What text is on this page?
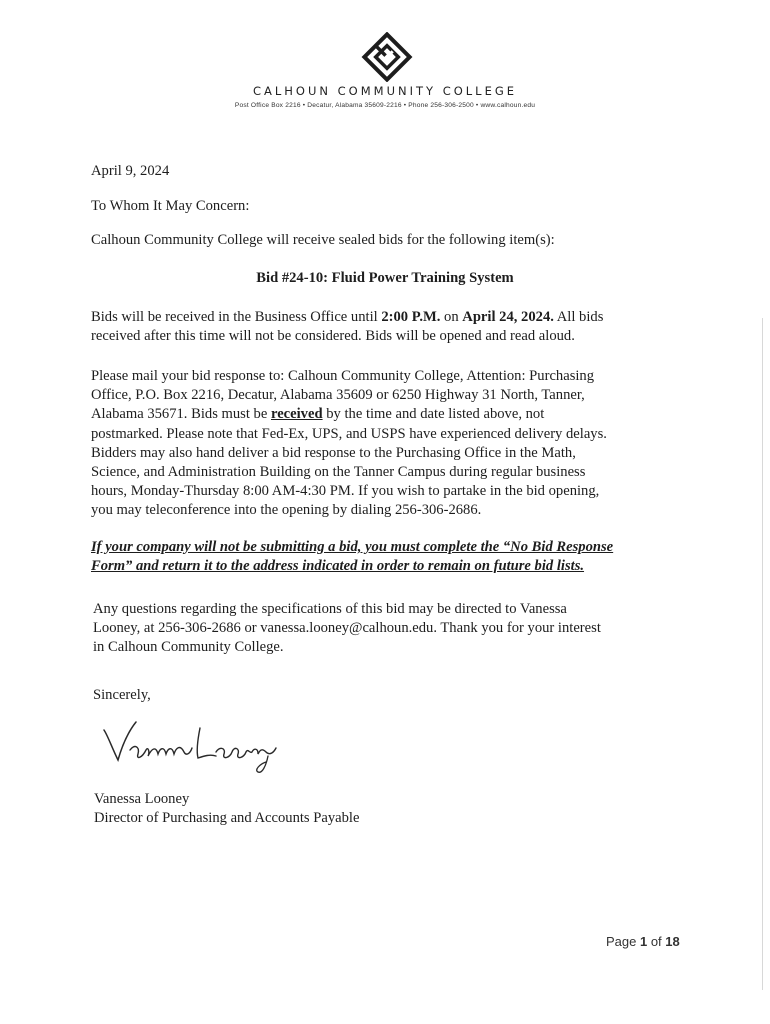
CALHOUN COMMUNITY COLLEGE
Post Office Box 2216 • Decatur, Alabama 35609-2216 • Phone 256-306-2500 • www.calhoun.edu
April 9, 2024
To Whom It May Concern:
Calhoun Community College will receive sealed bids for the following item(s):
Bid #24-10: Fluid Power Training System
Bids will be received in the Business Office until 2:00 P.M. on April 24, 2024. All bids
received after this time will not be considered. Bids will be opened and read aloud.
Please mail your bid response to: Calhoun Community College, Attention: Purchasing
Office, P.O. Box 2216, Decatur, Alabama 35609 or 6250 Highway 31 North, Tanner,
Alabama 35671. Bids must be received by the time and date listed above, not
postmarked. Please note that Fed-Ex, UPS, and USPS have experienced delivery delays.
Bidders may also hand deliver a bid response to the Purchasing Office in the Math,
Science, and Administration Building on the Tanner Campus during regular business
hours, Monday-Thursday 8:00 AM-4:30 PM. If you wish to partake in the bid opening,
you may teleconference into the opening by dialing 256-306-2686.
If your company will not be submitting a bid, you must complete the “No Bid Response
Form” and return it to the address indicated in order to remain on future bid lists.
Any questions regarding the specifications of this bid may be directed to Vanessa
Looney, at 256-306-2686 or vanessa.looney@calhoun.edu. Thank you for your interest
in Calhoun Community College.
Sincerely,
Vanessa Looney
Director of Purchasing and Accounts Payable
Page 1 of 18
